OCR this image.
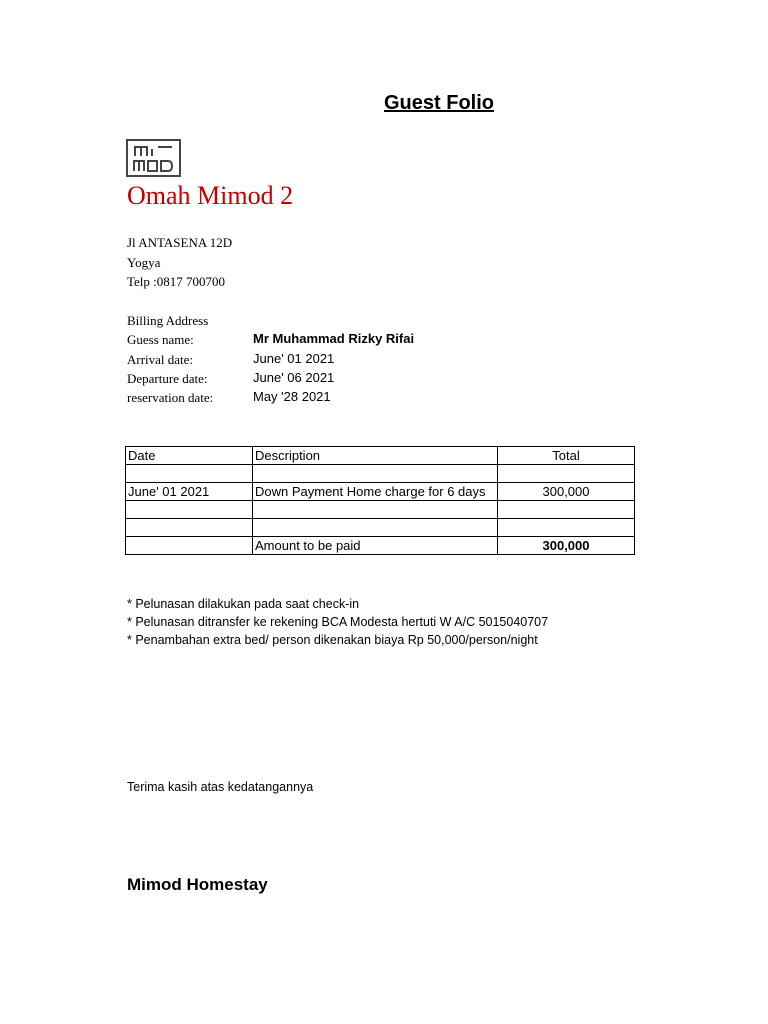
Guest Folio
Omah Mimod 2
Jl ANTASENA 12D
Yogya
Telp :0817 700700
Billing Address
Guess name:	Mr Muhammad Rizky Rifai
Arrival date:	June' 01 2021
Departure date:	June' 06 2021
reservation date:	May '28 2021
Date	Description	Total

June' 01 2021	Down Payment Home charge for 6 days	300,000

	Amount to be paid	300,000
* Pelunasan dilakukan pada saat check-in
* Pelunasan ditransfer ke rekening BCA Modesta hertuti W A/C 5015040707
* Penambahan extra bed/ person dikenakan biaya Rp 50,000/person/night
Terima kasih atas kedatangannya
Mimod Homestay
